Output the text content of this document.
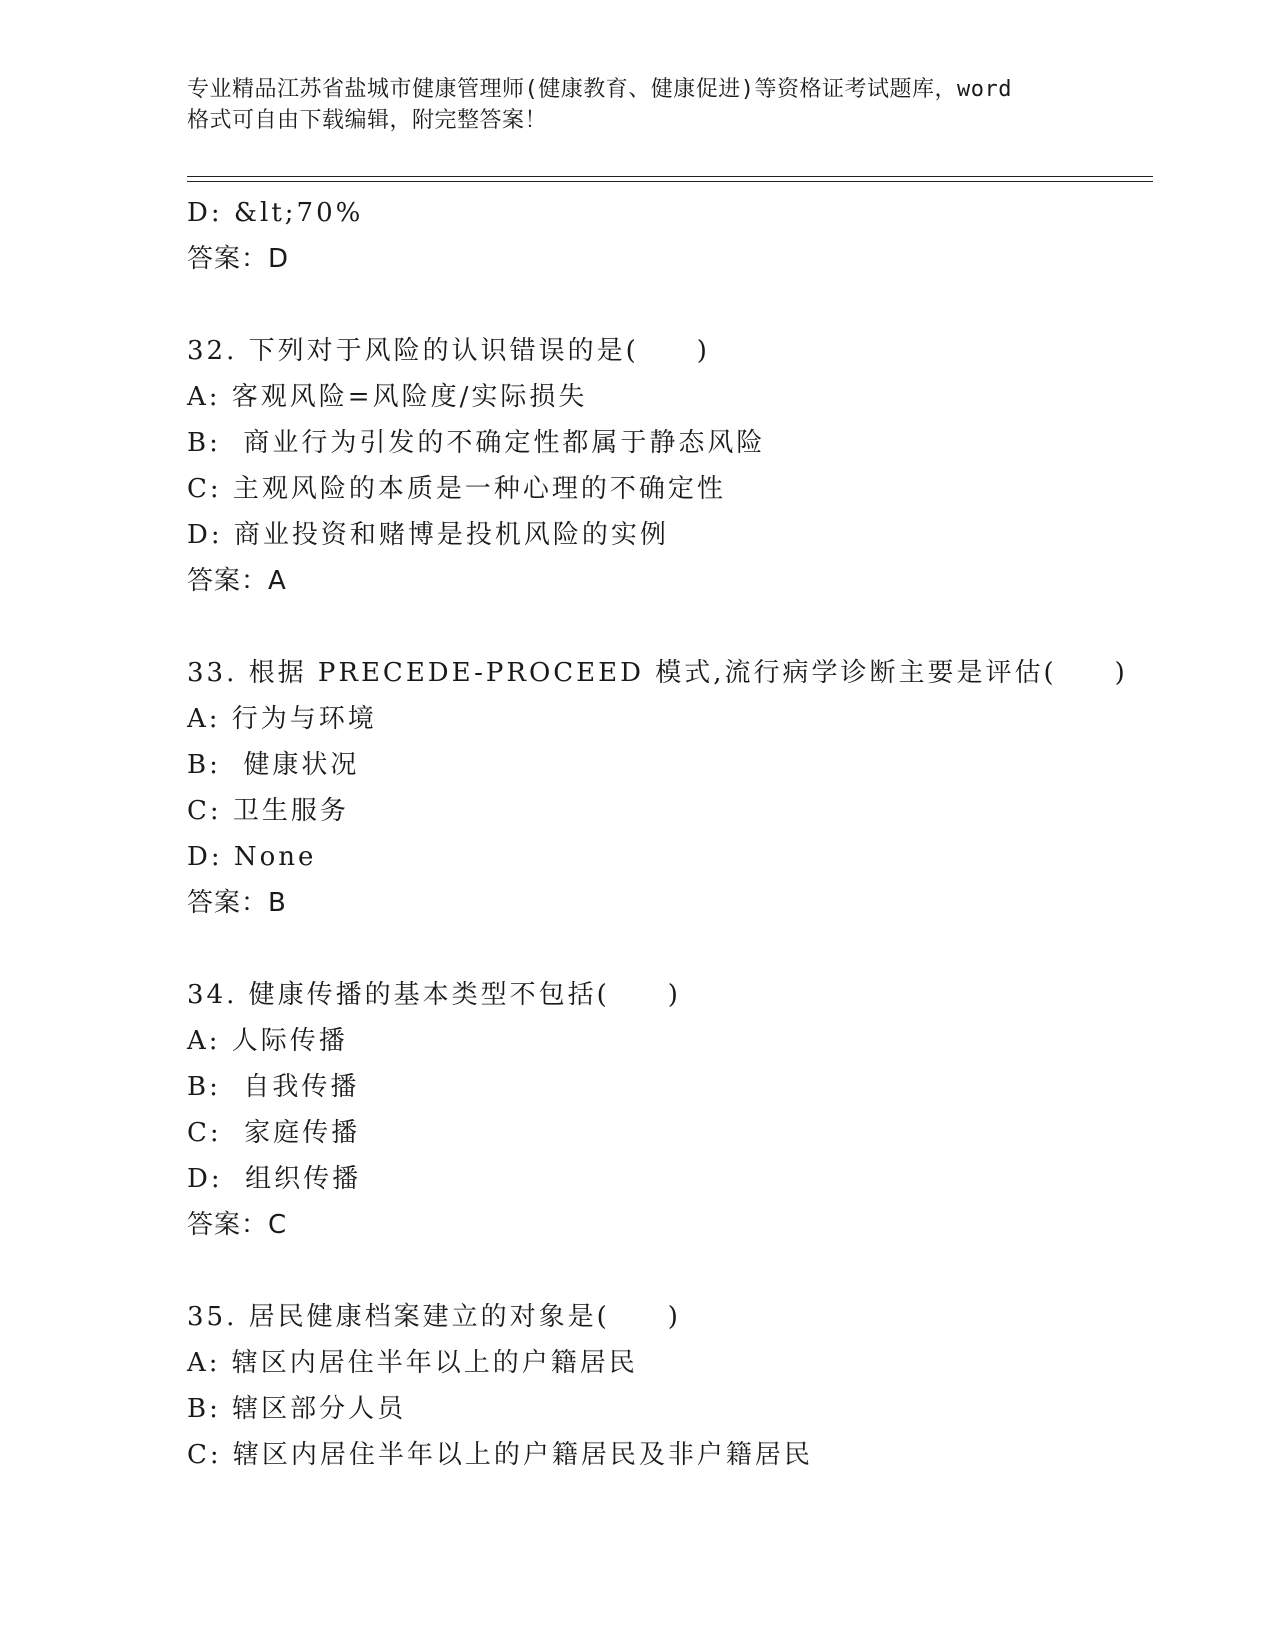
专业精品江苏省盐城市健康管理师(健康教育、健康促进)等资格证考试题库，word
格式可自由下载编辑，附完整答案！
D: &lt;70%
答案：D
32. 下列对于风险的认识错误的是(　　)
A: 客观风险=风险度/实际损失
B:  商业行为引发的不确定性都属于静态风险
C: 主观风险的本质是一种心理的不确定性
D: 商业投资和赌博是投机风险的实例
答案：A
33. 根据 PRECEDE-PROCEED 模式,流行病学诊断主要是评估(　　)
A: 行为与环境
B:  健康状况
C: 卫生服务
D: None
答案：B
34. 健康传播的基本类型不包括(　　)
A: 人际传播
B:  自我传播
C:  家庭传播
D:  组织传播
答案：C
35. 居民健康档案建立的对象是(　　)
A: 辖区内居住半年以上的户籍居民
B: 辖区部分人员
C: 辖区内居住半年以上的户籍居民及非户籍居民
